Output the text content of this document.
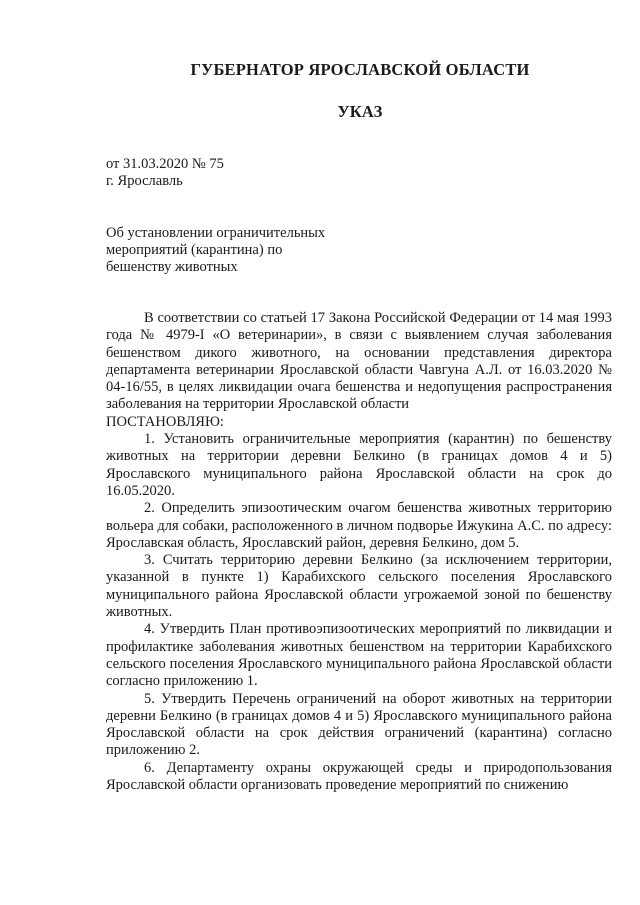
ГУБЕРНАТОР ЯРОСЛАВСКОЙ ОБЛАСТИ
УКАЗ
от 31.03.2020 № 75
г. Ярославль
Об установлении ограничительных
мероприятий (карантина) по
бешенству животных

В соответствии со статьей 17 Закона Российской Федерации от 14 мая 1993 года № 4979-I «О ветеринарии», в связи с выявлением случая заболевания бешенством дикого животного, на основании представления директора департамента ветеринарии Ярославской области Чавгуна А.Л. от 16.03.2020 № 04-16/55, в целях ликвидации очага бешенства и недопущения распространения заболевания на территории Ярославской области

ПОСТАНОВЛЯЮ:

1. Установить ограничительные мероприятия (карантин) по бешенству животных на территории деревни Белкино (в границах домов 4 и 5) Ярославского муниципального района Ярославской области на срок до 16.05.2020.

2. Определить эпизоотическим очагом бешенства животных территорию вольера для собаки, расположенного в личном подворье Ижукина А.С. по адресу: Ярославская область, Ярославский район, деревня Белкино, дом 5.

3. Считать территорию деревни Белкино (за исключением территории, указанной в пункте 1) Карабихского сельского поселения Ярославского муниципального района Ярославской области угрожаемой зоной по бешенству животных.

4. Утвердить План противоэпизоотических мероприятий по ликвидации и профилактике заболевания животных бешенством на территории Карабихского сельского поселения Ярославского муниципального района Ярославской области согласно приложению 1.

5. Утвердить Перечень ограничений на оборот животных на территории деревни Белкино (в границах домов 4 и 5) Ярославского муниципального района Ярославской области на срок действия ограничений (карантина) согласно приложению 2.

6. Департаменту охраны окружающей среды и природопользования Ярославской области организовать проведение мероприятий по снижению
